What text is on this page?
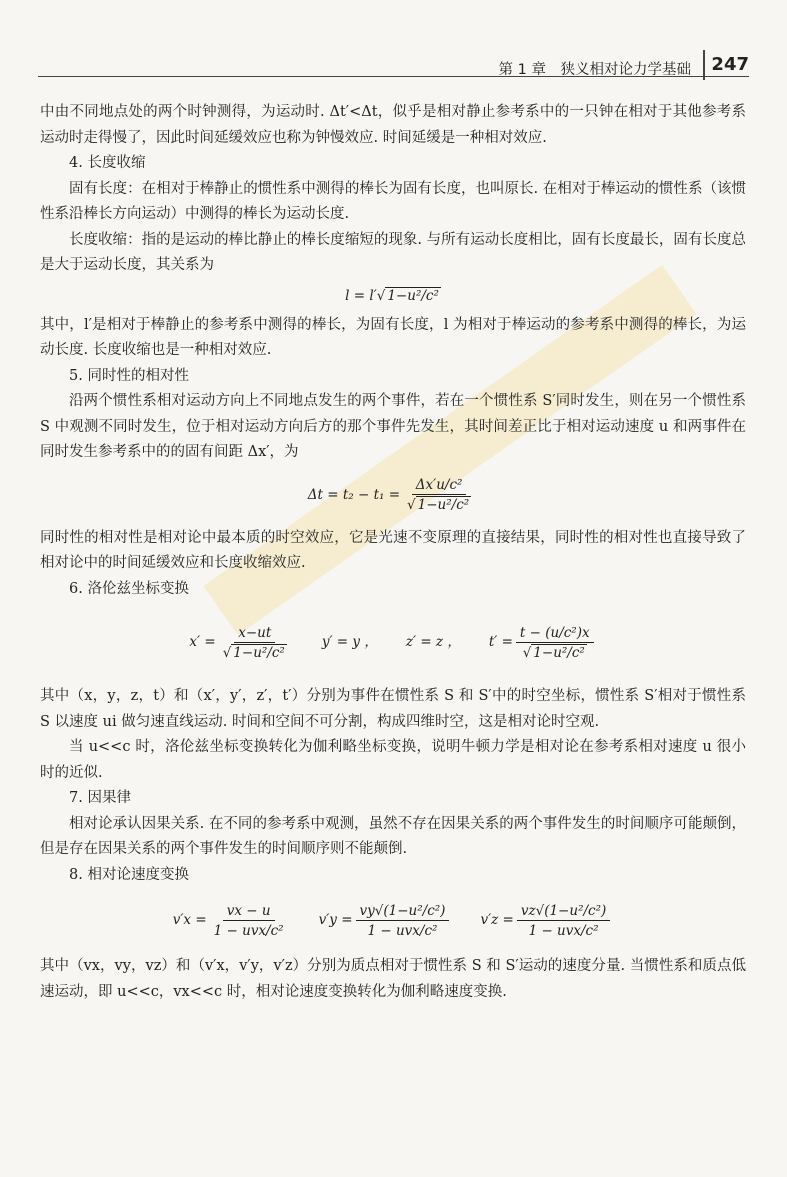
第 1 章　狭义相对论力学基础 247

中由不同地点处的两个时钟测得，为运动时. Δt′<Δt，似乎是相对静止参考系中的一只钟在相对于其他参考系运动时走得慢了，因此时间延缓效应也称为钟慢效应. 时间延缓是一种相对效应.

4. 长度收缩

固有长度：在相对于棒静止的惯性系中测得的棒长为固有长度，也叫原长. 在相对于棒运动的惯性系（该惯性系沿棒长方向运动）中测得的棒长为运动长度.

长度收缩：指的是运动的棒比静止的棒长度缩短的现象. 与所有运动长度相比，固有长度最长，固有长度总是大于运动长度，其关系为

l = l′√ 1−u²/c²

其中，l′是相对于棒静止的参考系中测得的棒长，为固有长度，l 为相对于棒运动的参考系中测得的棒长，为运动长度. 长度收缩也是一种相对效应.

5. 同时性的相对性

沿两个惯性系相对运动方向上不同地点发生的两个事件，若在一个惯性系 S′同时发生，则在另一个惯性系 S 中观测不同时发生，位于相对运动方向后方的那个事件先发生，其时间差正比于相对运动速度 u 和两事件在同时发生参考系中的的固有间距 Δx′，为

$\Delta t = t_2 - t_1 = \frac{\text{Δx′u/c²}}{\text{√ 1−u²/c²}}$

同时性的相对性是相对论中最本质的时空效应，它是光速不变原理的直接结果，同时性的相对性也直接导致了相对论中的时间延缓效应和长度收缩效应.

6. 洛伦兹坐标变换

$x' = \frac{x-ut}{\text{√ 1−u²/c²}} y' = y$ ， z′ = z ， $t' = \frac{\text{t − (u/c²)x}}{\text{√ 1−u²/c²}}$

其中（x，y，z，t）和（x′，y′，z′，t′）分别为事件在惯性系 S 和 S′中的时空坐标，惯性系 S′相对于惯性系 S 以速度 ui 做匀速直线运动. 时间和空间不可分割，构成四维时空，这是相对论时空观.

当 u<<c 时，洛伦兹坐标变换转化为伽利略坐标变换，说明牛顿力学是相对论在参考系相对速度 u 很小时的近似.

7. 因果律

相对论承认因果关系. 在不同的参考系中观测，虽然不存在因果关系的两个事件发生的时间顺序可能颠倒，但是存在因果关系的两个事件发生的时间顺序则不能颠倒.

8. 相对论速度变换

$v'x = \frac{vx - u}{\text{1 − uvx/c²}} v'y = \frac{\text{vy√(1−u²/c²)}}{\text{1 − uvx/c²}} v'z = \frac{\text{vz√(1−u²/c²)}}{\text{1 − uvx/c²}}$

其中（vx，vy，vz）和（v′x，v′y，v′z）分别为质点相对于惯性系 S 和 S′运动的速度分量. 当惯性系和质点低速运动，即 u<<c，vx<<c 时，相对论速度变换转化为伽利略速度变换.
